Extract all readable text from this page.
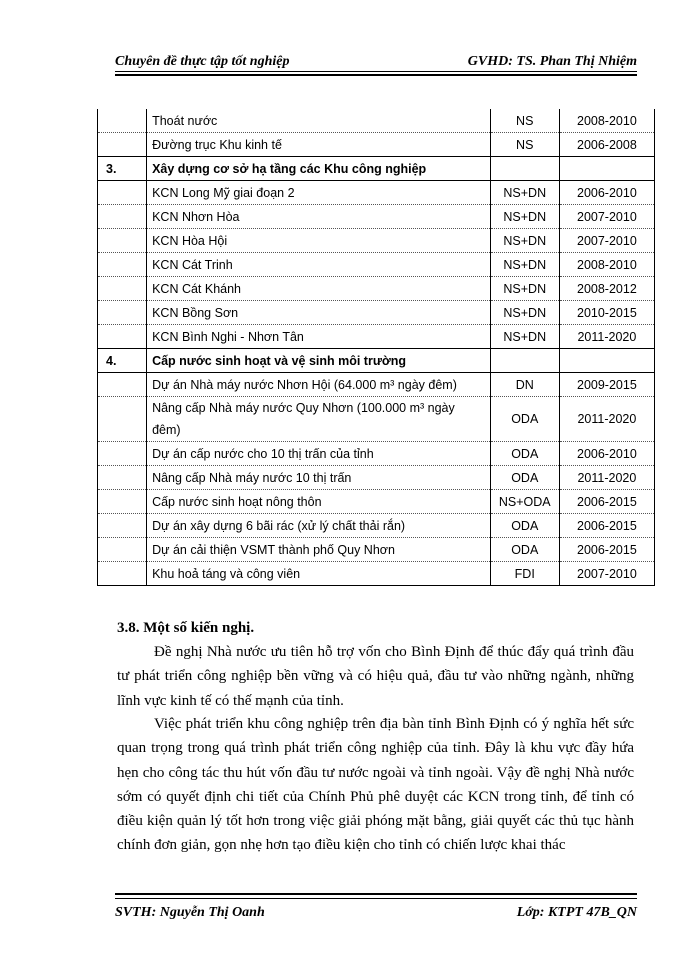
Chuyên đề thực tập tốt nghiệp	GVHD: TS. Phan Thị Nhiệm
	Thoát nước	NS	2008-2010
	Đường trục Khu kinh tế	NS	2006-2008
3.	Xây dựng cơ sở hạ tầng các Khu công nghiệp		
	KCN Long Mỹ giai đoạn 2	NS+DN	2006-2010
	KCN Nhơn Hòa	NS+DN	2007-2010
	KCN Hòa Hội	NS+DN	2007-2010
	KCN Cát Trinh	NS+DN	2008-2010
	KCN Cát Khánh	NS+DN	2008-2012
	KCN Bồng Sơn	NS+DN	2010-2015
	KCN Bình Nghi - Nhơn Tân	NS+DN	2011-2020
4.	Cấp nước sinh hoạt và vệ sinh môi trường		
	Dự án Nhà máy nước Nhơn Hội (64.000 m³ ngày đêm)	DN	2009-2015
	Nâng cấp Nhà máy nước Quy Nhơn (100.000 m³ ngày đêm)	ODA	2011-2020
	Dự án cấp nước cho 10 thị trấn của tỉnh	ODA	2006-2010
	Nâng cấp Nhà máy nước 10 thị trấn	ODA	2011-2020
	Cấp nước sinh hoạt nông thôn	NS+ODA	2006-2015
	Dự án xây dựng 6 bãi rác (xử lý chất thải rắn)	ODA	2006-2015
	Dự án cải thiện VSMT thành phố Quy Nhơn	ODA	2006-2015
	Khu hoả táng và công viên	FDI	2007-2010
3.8. Một số kiến nghị.
Đề nghị Nhà nước ưu tiên hỗ trợ vốn cho Bình Định để thúc đẩy quá trình đầu tư phát triển công nghiệp bền vững và có hiệu quả, đầu tư vào những ngành, những lĩnh vực kinh tế có thế mạnh của tỉnh.
Việc phát triển khu công nghiệp trên địa bàn tỉnh Bình Định có ý nghĩa hết sức quan trọng trong quá trình phát triển công nghiệp của tỉnh. Đây là khu vực đầy hứa hẹn cho công tác thu hút vốn đầu tư nước ngoài và tỉnh ngoài. Vậy đề nghị Nhà nước sớm có quyết định chi tiết của Chính Phủ phê duyệt các KCN trong tỉnh, để tỉnh có điều kiện quản lý tốt hơn trong việc giải phóng mặt bằng, giải quyết các thủ tục hành chính đơn giản, gọn nhẹ hơn tạo điều kiện cho tỉnh có chiến lược khai thác
SVTH: Nguyễn Thị Oanh	Lớp: KTPT 47B_QN
